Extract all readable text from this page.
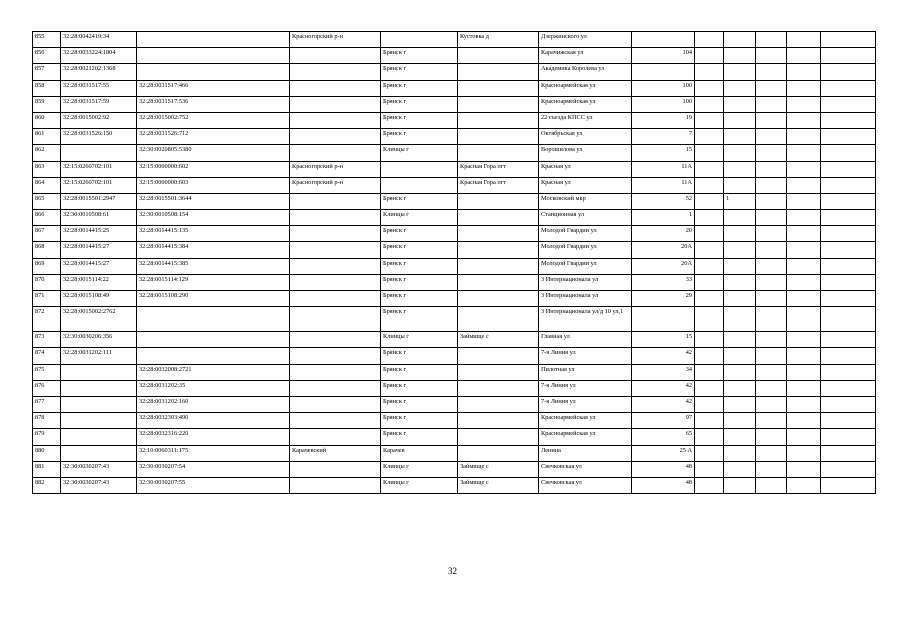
855	32:28:0042419:34		Красногорский р-н		Кустовка д	Дзержинского ул						
856	32:28:0033224:1804			Брянск г		Карачижская ул	104					
857	32:28:0021202:1368			Брянск г		Академика Королева ул						
858	32:28:0031517:55	32:28:0031517:466		Брянск г		Красноармейская ул	100					
859	32:28:0031517:59	32:28:0031517:536		Брянск г		Красноармейская ул	100					
860	32:28:0015002:92	32:28:0015002:752		Брянск г		22 съезда КПСС ул	19					
861	32:28:0031526:150	32:28:0031526:712		Брянск г		Октябрьская ул	7					
862		32:30:0020805:5380		Клинцы г		Ворошилова ул	15					
863	32:15:0260702:101	32:15:0000000:602	Красногорский р-н		Красная Гора пгт	Красная ул	11А					
864	32:15:0260702:101	32:15:0000000:603	Красногорский р-н		Красная Гора пгт	Красная ул	11А					
865	32:28:0015501:2947	32:28:0015501:3644		Брянск г		Московский мкр	52		1			
866	32:30:0010508:61	32:30:0010508:154		Клинцы г		Станционная ул	1					
867	32:28:0014415:25	32:28:0014415:135		Брянск г		Молодой Гвардии ул	20					
868	32:28:0014415:27	32:28:0014415:384		Брянск г		Молодой Гвардии ул	20А					
869	32:28:0014415:27	32:28:0014415:385		Брянск г		Молодой Гвардии ул	20А					
870	32:28:0015114:22	32:28:0015114:129		Брянск г		3 Интернационала ул	33					
871	32:28:0015108:49	32:28:0015108:290		Брянск г		3 Интернационала ул	29					
872	32:28:0015002:2762			Брянск г		3 Интернационала ул/д 10 ул,1						
873	32:30:0030206:356			Клинцы г	Займище с	Главная ул	15					
874	32:28:0031202:111			Брянск г		7-я Линия ул	42					
875		32:28:0032008:2721		Брянск г		Пилотная ул	34					
876		32:28:0031202:35		Брянск г		7-я Линия ул	42					
877		32:28:0031202:160		Брянск г		7-я Линия ул	42					
878		32:28:0032303:490		Брянск г		Красноармейская ул	97					
879		32:28:0032316:220		Брянск г		Красноармейская ул	65					
880		32:10:0060311:175	Карачевский	Карачев		Ленина	25 А					
881	32:30:0030207:43	32:30:0030207:54		Клинцы г	Займище с	Свечковская ул	48					
882	32:30:0030207:43	32:30:0030207:55		Клинцы г	Займище с	Свечковская ул	48					
32
